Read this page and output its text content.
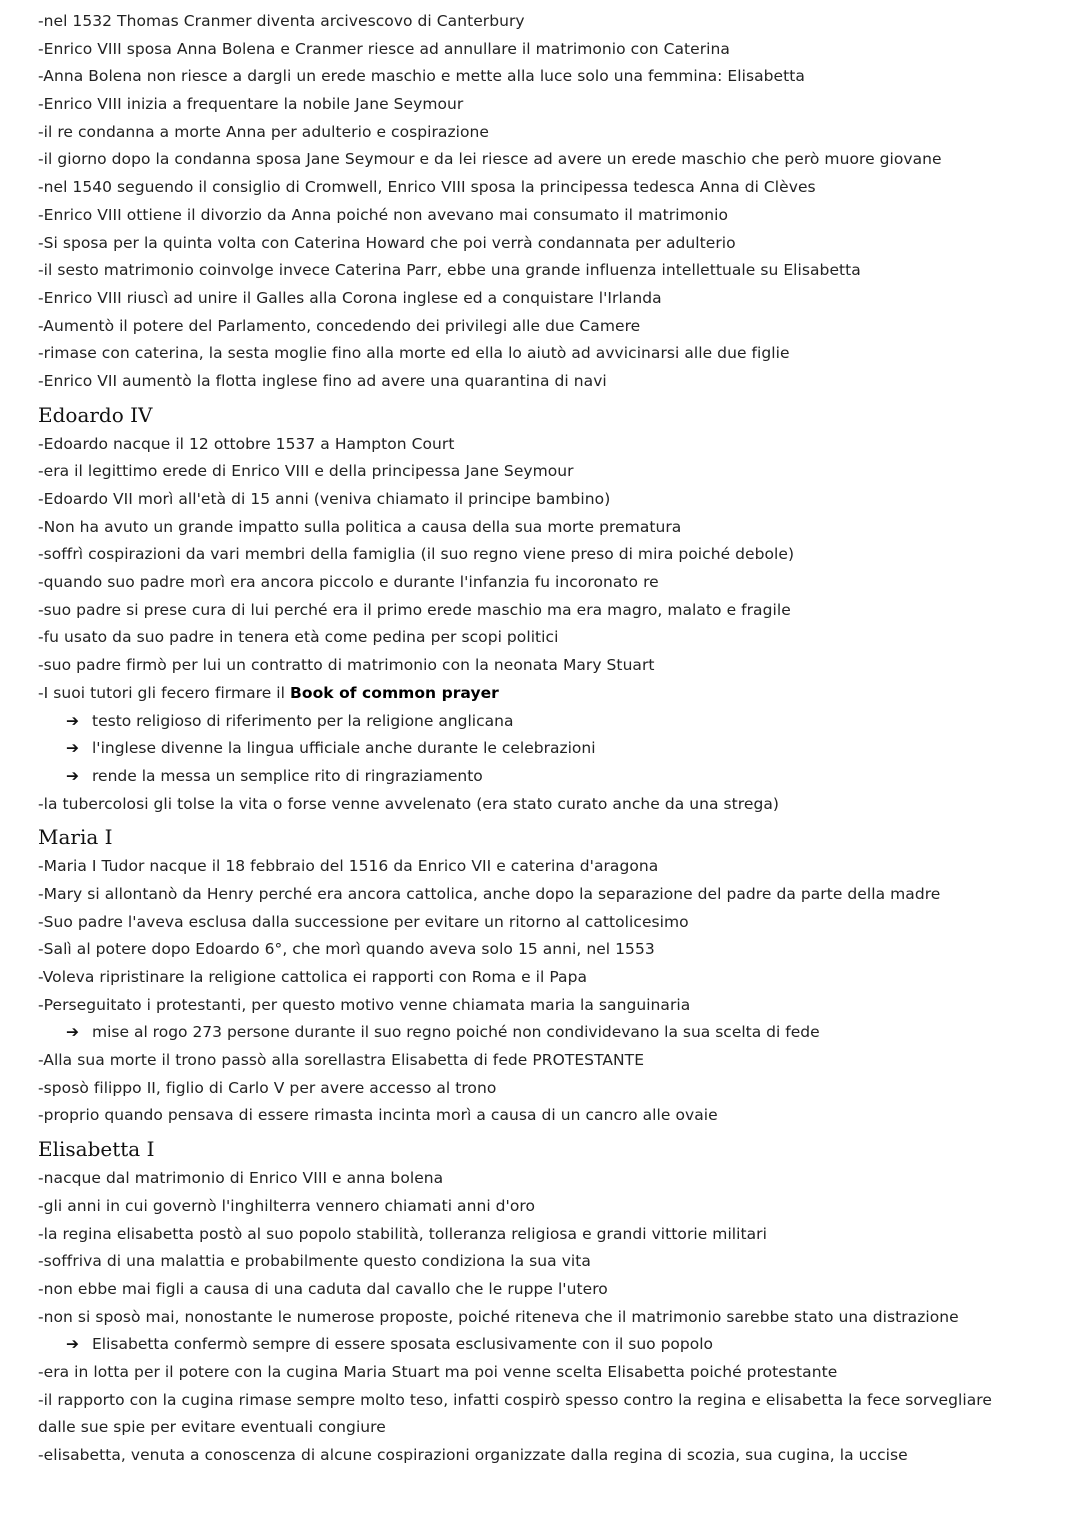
-nel 1532 Thomas Cranmer diventa arcivescovo di Canterbury
-Enrico VIII sposa Anna Bolena e Cranmer riesce ad annullare il matrimonio con Caterina
-Anna Bolena non riesce a dargli un erede maschio e mette alla luce solo una femmina: Elisabetta
-Enrico VIII inizia a frequentare la nobile Jane Seymour
-il re condanna a morte Anna per adulterio e cospirazione
-il giorno dopo la condanna sposa Jane Seymour e da lei riesce ad avere un erede maschio che però muore giovane
-nel 1540 seguendo il consiglio di Cromwell, Enrico VIII sposa la principessa tedesca Anna di Clèves
-Enrico VIII ottiene il divorzio da Anna poiché non avevano mai consumato il matrimonio
-Si sposa per la quinta volta con Caterina Howard che poi verrà condannata per adulterio
-il sesto matrimonio coinvolge invece Caterina Parr, ebbe una grande influenza intellettuale su Elisabetta
-Enrico VIII riuscì ad unire il Galles alla Corona inglese ed a conquistare l'Irlanda
-Aumentò il potere del Parlamento, concedendo dei privilegi alle due Camere
-rimase con caterina, la sesta moglie fino alla morte ed ella lo aiutò ad avvicinarsi alle due figlie
-Enrico VII aumentò la flotta inglese fino ad avere una quarantina di navi
Edoardo IV
-Edoardo nacque il 12 ottobre 1537 a Hampton Court
-era il legittimo erede di Enrico VIII e della principessa Jane Seymour
-Edoardo VII morì all'età di 15 anni (veniva chiamato il principe bambino)
-Non ha avuto un grande impatto sulla politica a causa della sua morte prematura
-soffrì cospirazioni da vari membri della famiglia (il suo regno viene preso di mira poiché debole)
-quando suo padre morì era ancora piccolo e durante l'infanzia fu incoronato re
-suo padre si prese cura di lui perché era il primo erede maschio ma era magro, malato e fragile
-fu usato da suo padre in tenera età come pedina per scopi politici
-suo padre firmò per lui un contratto di matrimonio con la neonata Mary Stuart
-I suoi tutori gli fecero firmare il Book of common prayer
➔ testo religioso di riferimento per la religione anglicana
➔ l'inglese divenne la lingua ufficiale anche durante le celebrazioni
➔ rende la messa un semplice rito di ringraziamento
-la tubercolosi gli tolse la vita o forse venne avvelenato (era stato curato anche da una strega)
Maria I
-Maria I Tudor nacque il 18 febbraio del 1516 da Enrico VII e caterina d'aragona
-Mary si allontanò da Henry perché era ancora cattolica, anche dopo la separazione del padre da parte della madre
-Suo padre l'aveva esclusa dalla successione per evitare un ritorno al cattolicesimo
-Salì al potere dopo Edoardo 6°, che morì quando aveva solo 15 anni, nel 1553
-Voleva ripristinare la religione cattolica ei rapporti con Roma e il Papa
-Perseguitato i protestanti, per questo motivo venne chiamata maria la sanguinaria
➔ mise al rogo 273 persone durante il suo regno poiché non condividevano la sua scelta di fede
-Alla sua morte il trono passò alla sorellastra Elisabetta di fede PROTESTANTE
-sposò filippo II, figlio di Carlo V per avere accesso al trono
-proprio quando pensava di essere rimasta incinta morì a causa di un cancro alle ovaie
Elisabetta I
-nacque dal matrimonio di Enrico VIII e anna bolena
-gli anni in cui governò l'inghilterra vennero chiamati anni d'oro
-la regina elisabetta postò al suo popolo stabilità, tolleranza religiosa e grandi vittorie militari
-soffriva di una malattia e probabilmente questo condiziona la sua vita
-non ebbe mai figli a causa di una caduta dal cavallo che le ruppe l'utero
-non si sposò mai, nonostante le numerose proposte, poiché riteneva che il matrimonio sarebbe stato una distrazione
➔ Elisabetta confermò sempre di essere sposata esclusivamente con il suo popolo
-era in lotta per il potere con la cugina Maria Stuart ma poi venne scelta Elisabetta poiché protestante
-il rapporto con la cugina rimase sempre molto teso, infatti cospirò spesso contro la regina e elisabetta la fece sorvegliare
dalle sue spie per evitare eventuali congiure
-elisabetta, venuta a conoscenza di alcune cospirazioni organizzate dalla regina di scozia, sua cugina, la uccise
